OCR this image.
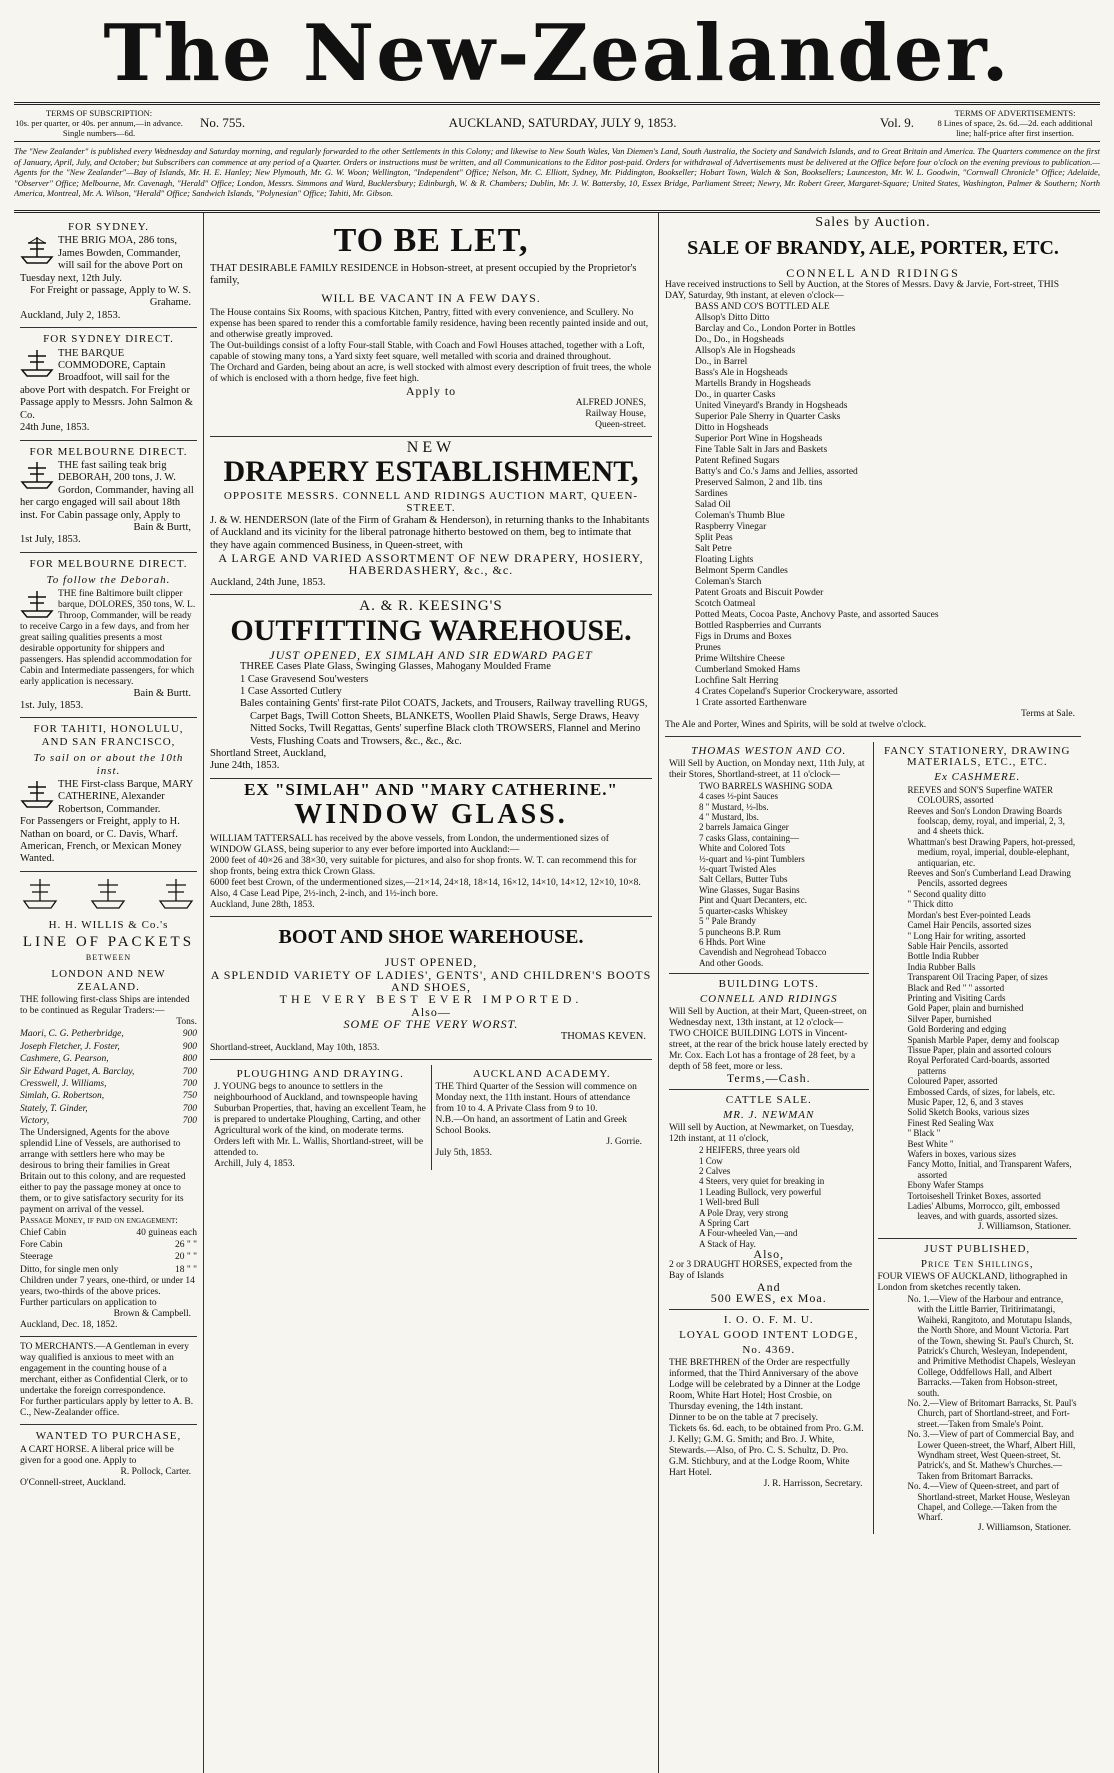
The New-Zealander.
TERMS OF SUBSCRIPTION:
10s. per quarter, or 40s. per annum,—in advance. Single numbers—6d.
No. 755.	AUCKLAND, SATURDAY, JULY 9, 1853.	Vol. 9.
TERMS OF ADVERTISEMENTS:
8 Lines of space, 2s. 6d.—2d. each additional line; half-price after first insertion.
The "New Zealander" is published every Wednesday and Saturday morning, and regularly forwarded to the other Settlements in this Colony; and likewise to New South Wales, Van Diemen's Land, South Australia, the Society and Sandwich Islands, and to Great Britain and America. The Quarters commence on the first of January, April, July, and October; but Subscribers can commence at any period of a Quarter. Orders or instructions must be written, and all Communications to the Editor post-paid. Orders for withdrawal of Advertisements must be delivered at the Office before four o'clock on the evening previous to publication.—Agents for the "New Zealander"—Bay of Islands, Mr. H. E. Hanley; New Plymouth, Mr. G. W. Woon; Wellington, "Independent" Office; Nelson, Mr. C. Elliott, Sydney, Mr. Piddington, Bookseller; Hobart Town, Walch & Son, Booksellers; Launceston, Mr. W. L. Goodwin, "Cornwall Chronicle" Office; Adelaide, "Observer" Office; Melbourne, Mr. Cavenagh, "Herald" Office; London, Messrs. Simmons and Ward, Bucklersbury; Edinburgh, W. & R. Chambers; Dublin, Mr. J. W. Battersby, 10, Essex Bridge, Parliament Street; Newry, Mr. Robert Greer, Margaret-Square; United States, Washington, Palmer & Southern; North America, Montreal, Mr. A. Wilson, "Herald" Office; Sandwich Islands, "Polynesian" Office; Tahiti, Mr. Gibson.
FOR SYDNEY.
THE BRIG MOA, 286 tons, James Bowden, Commander, will sail for the above Port on Tuesday next, 12th July.
For Freight or passage, Apply to W. S. Grahame.
Auckland, July 2, 1853.
FOR SYDNEY DIRECT.
THE BARQUE COMMODORE, Captain Broadfoot, will sail for the above Port with despatch. For Freight or Passage apply to Messrs. John Salmon & Co.
24th June, 1853.
FOR MELBOURNE DIRECT.
THE fast sailing teak brig DEBORAH, 200 tons, J. W. Gordon, Commander, having all her cargo engaged will sail about 18th inst. For Cabin passage only, Apply to
Bain & Burtt,
1st July, 1853.
FOR MELBOURNE DIRECT.
To follow the Deborah.
THE fine Baltimore built clipper barque, DOLORES, 350 tons, W. L. Throop, Commander, will be ready to receive Cargo in a few days, and from her great sailing qualities presents a most desirable opportunity for shippers and passengers. Has splendid accommodation for Cabin and Intermediate passengers, for which early application is necessary.
Bain & Burtt.
1st. July, 1853.
FOR TAHITI, HONOLULU, AND SAN FRANCISCO,
To sail on or about the 10th inst.
THE First-class Barque, MARY CATHERINE, Alexander Robertson, Commander.
For Passengers or Freight, apply to H. Nathan on board, or C. Davis, Wharf.
American, French, or Mexican Money Wanted.
H. H. WILLIS & Co.'s
LINE OF PACKETS
BETWEEN
LONDON AND NEW ZEALAND.
THE following first-class Ships are intended to be continued as Regular Traders:—
Tons.
Maori, C. G. Petherbridge,	900
Joseph Fletcher, J. Foster,	900
Cashmere, G. Pearson,	800
Sir Edward Paget, A. Barclay,	700
Cresswell, J. Williams,	700
Simlah, G. Robertson,	750
Stately, T. Ginder,	700
Victory,	700
The Undersigned, Agents for the above splendid Line of Vessels, are authorised to arrange with settlers here who may be desirous to bring their families in Great Britain out to this colony, and are requested either to pay the passage money at once to them, or to give satisfactory security for its payment on arrival of the vessel.
Passage Money, if paid on engagement:
Chief Cabin	40 guineas each
Fore Cabin	26 " "
Steerage	20 " "
Ditto, for single men only	18 " "
Children under 7 years, one-third, or under 14 years, two-thirds of the above prices.
Further particulars on application to
Brown & Campbell.
Auckland, Dec. 18, 1852.
TO MERCHANTS.—A Gentleman in every way qualified is anxious to meet with an engagement in the counting house of a merchant, either as Confidential Clerk, or to undertake the foreign correspondence.
For further particulars apply by letter to A. B. C., New-Zealander office.
WANTED TO PURCHASE,
A CART HORSE. A liberal price will be given for a good one. Apply to
R. Pollock, Carter.
O'Connell-street, Auckland.
TO BE LET,
THAT DESIRABLE FAMILY RESIDENCE in Hobson-street, at present occupied by the Proprietor's family,
WILL BE VACANT IN A FEW DAYS.
The House contains Six Rooms, with spacious Kitchen, Pantry, fitted with every convenience, and Scullery. No expense has been spared to render this a comfortable family residence, having been recently painted inside and out, and otherwise greatly improved.
The Out-buildings consist of a lofty Four-stall Stable, with Coach and Fowl Houses attached, together with a Loft, capable of stowing many tons, a Yard sixty feet square, well metalled with scoria and drained throughout.
The Orchard and Garden, being about an acre, is well stocked with almost every description of fruit trees, the whole of which is enclosed with a thorn hedge, five feet high.
Apply to
ALFRED JONES,
Railway House,
Queen-street.
NEW
DRAPERY ESTABLISHMENT,
OPPOSITE MESSRS. CONNELL AND RIDINGS AUCTION MART, QUEEN-STREET.
J. & W. HENDERSON (late of the Firm of Graham & Henderson), in returning thanks to the Inhabitants of Auckland and its vicinity for the liberal patronage hitherto bestowed on them, beg to intimate that they have again commenced Business, in Queen-street, with
A LARGE AND VARIED ASSORTMENT OF NEW DRAPERY, HOSIERY, HABERDASHERY, &c., &c.
Auckland, 24th June, 1853.
A. & R. KEESING'S
OUTFITTING WAREHOUSE.
JUST OPENED, EX SIMLAH AND SIR EDWARD PAGET
THREE Cases Plate Glass, Swinging Glasses, Mahogany Moulded Frame
1 Case Gravesend Sou'westers
1 Case Assorted Cutlery
Bales containing Gents' first-rate Pilot COATS, Jackets, and Trousers, Railway travelling RUGS, Carpet Bags, Twill Cotton Sheets, BLANKETS, Woollen Plaid Shawls, Serge Draws, Heavy Nitted Socks, Twill Regattas, Gents' superfine Black cloth TROWSERS, Flannel and Merino Vests, Flushing Coats and Trowsers, &c., &c., &c.
Shortland Street, Auckland,
June 24th, 1853.
EX "SIMLAH" AND "MARY CATHERINE."
WINDOW GLASS.
WILLIAM TATTERSALL has received by the above vessels, from London, the undermentioned sizes of WINDOW GLASS, being superior to any ever before imported into Auckland:—
2000 feet of 40×26 and 38×30, very suitable for pictures, and also for shop fronts. W. T. can recommend this for shop fronts, being extra thick Crown Glass.
6000 feet best Crown, of the undermentioned sizes,—21×14, 24×18, 18×14, 16×12, 14×10, 14×12, 12×10, 10×8.
Also, 4 Case Lead Pipe, 2½-inch, 2-inch, and 1½-inch bore.
Auckland, June 28th, 1853.
BOOT AND SHOE WAREHOUSE.
JUST OPENED,
A SPLENDID VARIETY OF LADIES', GENTS', AND CHILDREN'S BOOTS AND SHOES,
THE VERY BEST EVER IMPORTED.
Also—
SOME OF THE VERY WORST.
THOMAS KEVEN.
Shortland-street, Auckland, May 10th, 1853.
PLOUGHING AND DRAYING.
J. YOUNG begs to anounce to settlers in the neighbourhood of Auckland, and townspeople having Suburban Properties, that, having an excellent Team, he is prepared to undertake Ploughing, Carting, and other Agricultural work of the kind, on moderate terms. Orders left with Mr. L. Wallis, Shortland-street, will be attended to.
Archill, July 4, 1853.
AUCKLAND ACADEMY.
THE Third Quarter of the Session will commence on Monday next, the 11th instant. Hours of attendance from 10 to 4. A Private Class from 9 to 10.
N.B.—On hand, an assortment of Latin and Greek School Books.
J. Gorrie.
July 5th, 1853.
Sales by Auction.
SALE OF BRANDY, ALE, PORTER, ETC.
CONNELL AND RIDINGS
Have received instructions to Sell by Auction, at the Stores of Messrs. Davy & Jarvie, Fort-street, THIS DAY, Saturday, 9th instant, at eleven o'clock—
BASS AND CO'S BOTTLED ALE
Allsop's Ditto Ditto
Barclay and Co., London Porter in Bottles
Do., Do., in Hogsheads
Allsop's Ale in Hogsheads
Do., in Barrel
Bass's Ale in Hogsheads
Martells Brandy in Hogsheads
Do., in quarter Casks
United Vineyard's Brandy in Hogsheads
Superior Pale Sherry in Quarter Casks
Ditto in Hogsheads
Superior Port Wine in Hogsheads
Fine Table Salt in Jars and Baskets
Patent Refined Sugars
Batty's and Co.'s Jams and Jellies, assorted
Preserved Salmon, 2 and 1lb. tins
Sardines
Salad Oil
Coleman's Thumb Blue
Raspberry Vinegar
Split Peas
Salt Petre
Floating Lights
Belmont Sperm Candles
Coleman's Starch
Patent Groats and Biscuit Powder
Scotch Oatmeal
Potted Meats, Cocoa Paste, Anchovy Paste, and assorted Sauces
Bottled Raspberries and Currants
Figs in Drums and Boxes
Prunes
Prime Wiltshire Cheese
Cumberland Smoked Hams
Lochfine Salt Herring
4 Crates Copeland's Superior Crockeryware, assorted
1 Crate assorted Earthenware
Terms at Sale.
The Ale and Porter, Wines and Spirits, will be sold at twelve o'clock.
THOMAS WESTON AND CO.
Will Sell by Auction, on Monday next, 11th July, at their Stores, Shortland-street, at 11 o'clock—
TWO BARRELS WASHING SODA
4 cases ½-pint Sauces
8 " Mustard, ½-lbs.
4 " Mustard, lbs.
2 barrels Jamaica Ginger
7 casks Glass, containing—
White and Colored Tots
½-quart and ¼-pint Tumblers
½-quart Twisted Ales
Salt Cellars, Butter Tubs
Wine Glasses, Sugar Basins
Pint and Quart Decanters, etc.
5 quarter-casks Whiskey
5 " Pale Brandy
5 puncheons B.P. Rum
6 Hhds. Port Wine
Cavendish and Negrohead Tobacco
And other Goods.
BUILDING LOTS.
CONNELL AND RIDINGS
Will Sell by Auction, at their Mart, Queen-street, on Wednesday next, 13th instant, at 12 o'clock—
TWO CHOICE BUILDING LOTS in Vincent-street, at the rear of the brick house lately erected by Mr. Cox. Each Lot has a frontage of 28 feet, by a depth of 58 feet, more or less.
Terms,—Cash.
CATTLE SALE.
MR. J. NEWMAN
Will sell by Auction, at Newmarket, on Tuesday, 12th instant, at 11 o'clock,
2 HEIFERS, three years old
1 Cow
2 Calves
4 Steers, very quiet for breaking in
1 Leading Bullock, very powerful
1 Well-bred Bull
A Pole Dray, very strong
A Spring Cart
A Four-wheeled Van,—and
A Stack of Hay.
Also,
2 or 3 DRAUGHT HORSES, expected from the Bay of Islands
And
500 EWES, ex Moa.
I. O. O. F. M. U.
LOYAL GOOD INTENT LODGE,
No. 4369.
THE BRETHREN of the Order are respectfully informed, that the Third Anniversary of the above Lodge will be celebrated by a Dinner at the Lodge Room, White Hart Hotel; Host Crosbie, on Thursday evening, the 14th instant.
Dinner to be on the table at 7 precisely.
Tickets 6s. 6d. each, to be obtained from Pro. G.M. J. Kelly; G.M. G. Smith; and Bro. J. White, Stewards.—Also, of Pro. C. S. Schultz, D. Pro. G.M. Stichbury, and at the Lodge Room, White Hart Hotel.
J. R. Harrisson, Secretary.
FANCY STATIONERY, DRAWING MATERIALS, ETC., ETC.
Ex CASHMERE.
REEVES and SON'S Superfine WATER COLOURS, assorted
Reeves and Son's London Drawing Boards foolscap, demy, royal, and imperial, 2, 3, and 4 sheets thick.
Whattman's best Drawing Papers, hot-pressed, medium, royal, imperial, double-elephant, antiquarian, etc.
Reeves and Son's Cumberland Lead Drawing Pencils, assorted degrees
" Second quality ditto
" Thick ditto
Mordan's best Ever-pointed Leads
Camel Hair Pencils, assorted sizes
" Long Hair for writing, assorted
Sable Hair Pencils, assorted
Bottle India Rubber
India Rubber Balls
Transparent Oil Tracing Paper, of sizes
Black and Red " " assorted
Printing and Visiting Cards
Gold Paper, plain and burnished
Silver Paper, burnished
Gold Bordering and edging
Spanish Marble Paper, demy and foolscap
Tissue Paper, plain and assorted colours
Royal Perforated Card-boards, assorted patterns
Coloured Paper, assorted
Embossed Cards, of sizes, for labels, etc.
Music Paper, 12, 6, and 3 staves
Solid Sketch Books, various sizes
Finest Red Sealing Wax
" Black "
Best White "
Wafers in boxes, various sizes
Fancy Motto, Initial, and Transparent Wafers, assorted
Ebony Wafer Stamps
Tortoiseshell Trinket Boxes, assorted
Ladies' Albums, Morrocco, gilt, embossed leaves, and with guards, assorted sizes.
J. Williamson, Stationer.
JUST PUBLISHED,
Price Ten Shillings,
FOUR VIEWS OF AUCKLAND, lithographed in London from sketches recently taken.
No. 1.—View of the Harbour and entrance, with the Little Barrier, Tiritirimatangi, Waiheki, Rangitoto, and Motutapu Islands, the North Shore, and Mount Victoria. Part of the Town, shewing St. Paul's Church, St. Patrick's Church, Wesleyan, Independent, and Primitive Methodist Chapels, Wesleyan College, Oddfellows Hall, and Albert Barracks.—Taken from Hobson-street, south.
No. 2.—View of Britomart Barracks, St. Paul's Church, part of Shortland-street, and Fort-street.—Taken from Smale's Point.
No. 3.—View of part of Commercial Bay, and Lower Queen-street, the Wharf, Albert Hill, Wyndham street, West Queen-street, St. Patrick's, and St. Mathew's Churches.—Taken from Britomart Barracks.
No. 4.—View of Queen-street, and part of Shortland-street, Market House, Wesleyan Chapel, and College.—Taken from the Wharf.
J. Williamson, Stationer.
